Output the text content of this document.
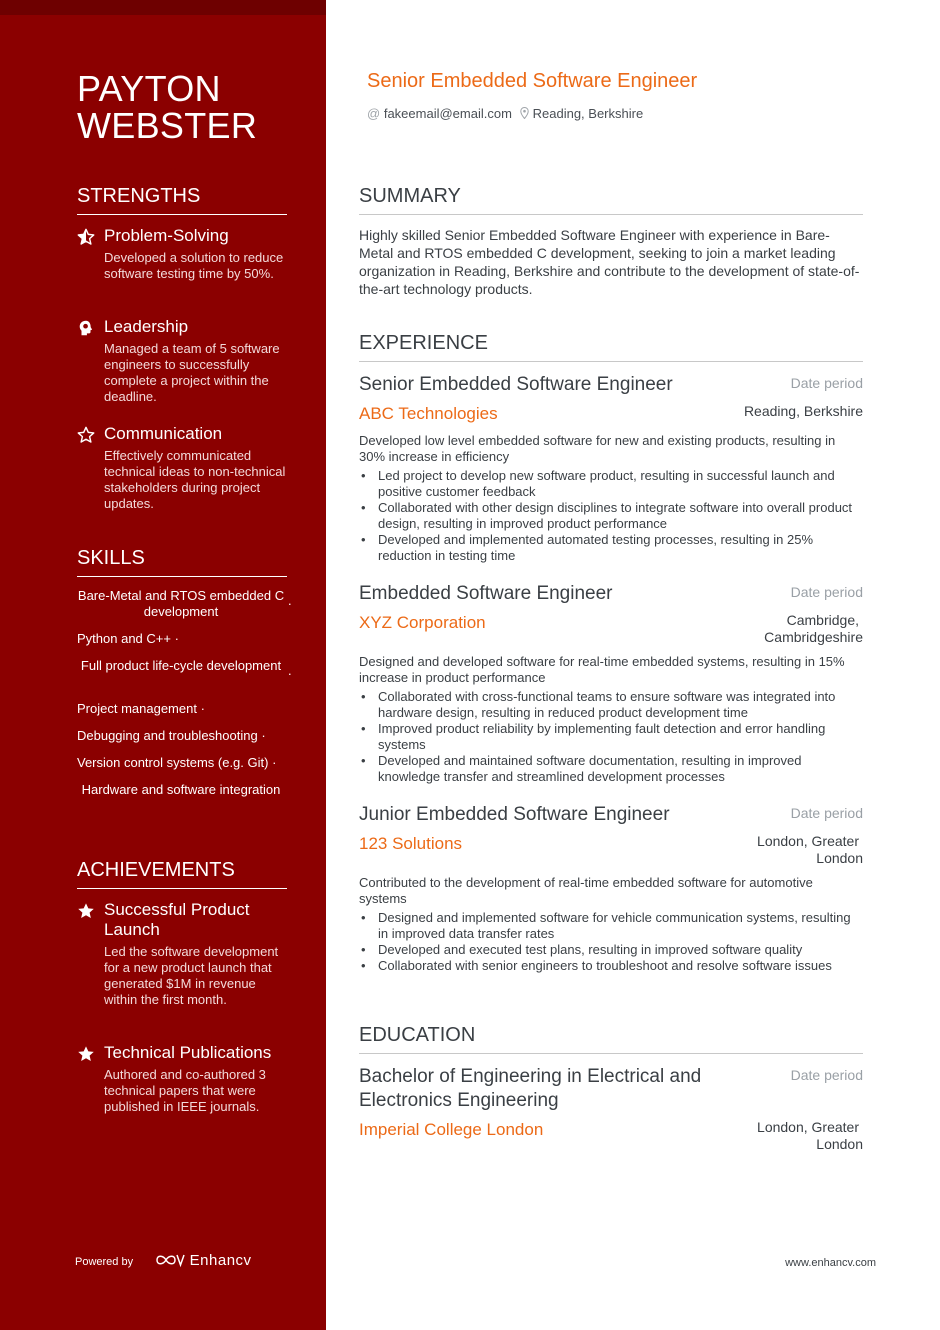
PAYTON
WEBSTER
STRENGTHS
Problem-Solving
Developed a solution to reduce software testing time by 50%.
Leadership
Managed a team of 5 software engineers to successfully complete a project within the deadline.
Communication
Effectively communicated technical ideas to non-technical stakeholders during project updates.
SKILLS
Bare-Metal and RTOS embedded C development
·
Python and C++ ·
Full product life-cycle development
·
Project management ·
Debugging and troubleshooting ·
Version control systems (e.g. Git) ·
Hardware and software integration
ACHIEVEMENTS
Successful Product Launch
Led the software development for a new product launch that generated $1M in revenue within the first month.
Technical Publications
Authored and co-authored 3 technical papers that were published in IEEE journals.
Powered by	Enhancv
Senior Embedded Software Engineer
@ fakeemail@email.com	Reading, Berkshire
SUMMARY
Highly skilled Senior Embedded Software Engineer with experience in Bare-Metal and RTOS embedded C development, seeking to join a market leading organization in Reading, Berkshire and contribute to the development of state-of-the-art technology products.
EXPERIENCE
Senior Embedded Software Engineer	Date period
ABC Technologies	Reading, Berkshire
Developed low level embedded software for new and existing products, resulting in 30% increase in efficiency
• Led project to develop new software product, resulting in successful launch and positive customer feedback
• Collaborated with other design disciplines to integrate software into overall product design, resulting in improved product performance
• Developed and implemented automated testing processes, resulting in 25% reduction in testing time
Embedded Software Engineer	Date period
XYZ Corporation	Cambridge,
Cambridgeshire
Designed and developed software for real-time embedded systems, resulting in 15% increase in product performance
• Collaborated with cross-functional teams to ensure software was integrated into hardware design, resulting in reduced product development time
• Improved product reliability by implementing fault detection and error handling systems
• Developed and maintained software documentation, resulting in improved knowledge transfer and streamlined development processes
Junior Embedded Software Engineer	Date period
123 Solutions	London, Greater
London
Contributed to the development of real-time embedded software for automotive systems
• Designed and implemented software for vehicle communication systems, resulting in improved data transfer rates
• Developed and executed test plans, resulting in improved software quality
• Collaborated with senior engineers to troubleshoot and resolve software issues
EDUCATION
Bachelor of Engineering in Electrical and
Electronics Engineering
Date period
Imperial College London	London, Greater
London
www.enhancv.com
